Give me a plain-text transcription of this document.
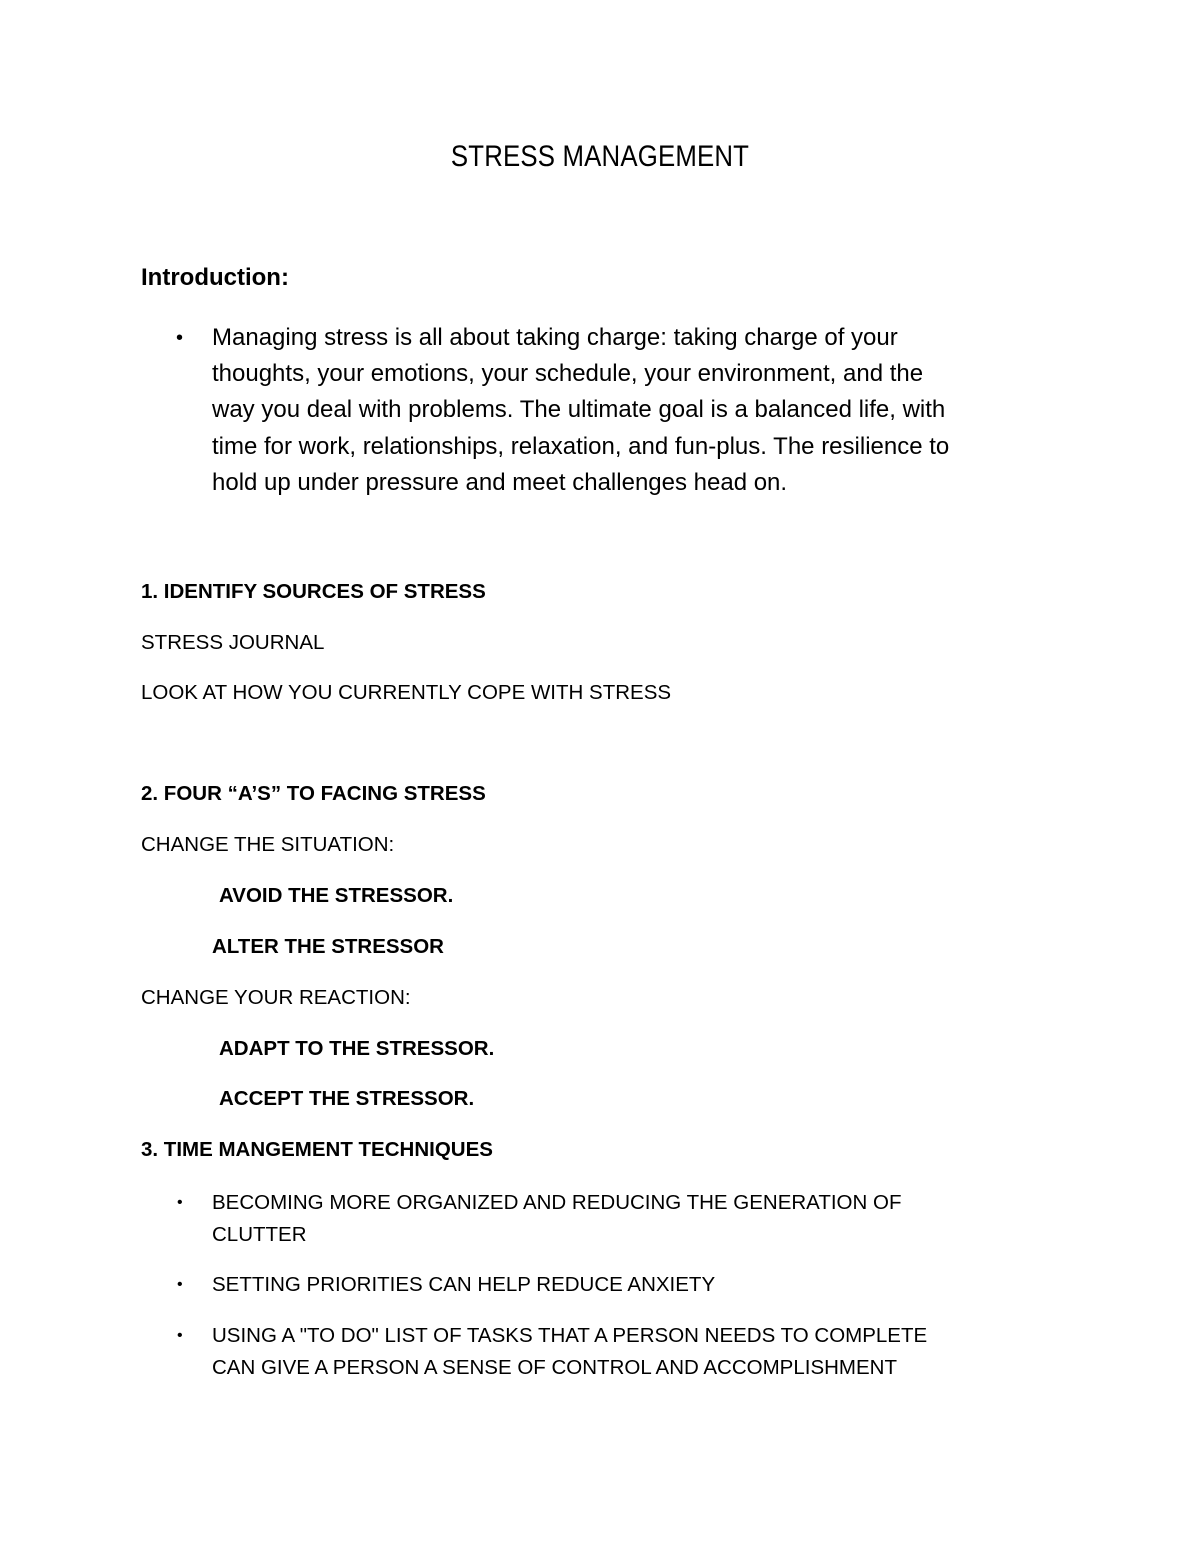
STRESS MANAGEMENT
Introduction:
• Managing stress is all about taking charge: taking charge of your
thoughts, your emotions, your schedule, your environment, and the
way you deal with problems. The ultimate goal is a balanced life, with
time for work, relationships, relaxation, and fun-plus. The resilience to
hold up under pressure and meet challenges head on.
1. IDENTIFY SOURCES OF STRESS
STRESS JOURNAL
LOOK AT HOW YOU CURRENTLY COPE WITH STRESS
2. FOUR “A’S” TO FACING STRESS
CHANGE THE SITUATION:
AVOID THE STRESSOR.
ALTER THE STRESSOR
CHANGE YOUR REACTION:
ADAPT TO THE STRESSOR.
ACCEPT THE STRESSOR.
3. TIME MANGEMENT TECHNIQUES
• BECOMING MORE ORGANIZED AND REDUCING THE GENERATION OF
CLUTTER
• SETTING PRIORITIES CAN HELP REDUCE ANXIETY
• USING A "TO DO" LIST OF TASKS THAT A PERSON NEEDS TO COMPLETE
CAN GIVE A PERSON A SENSE OF CONTROL AND ACCOMPLISHMENT
